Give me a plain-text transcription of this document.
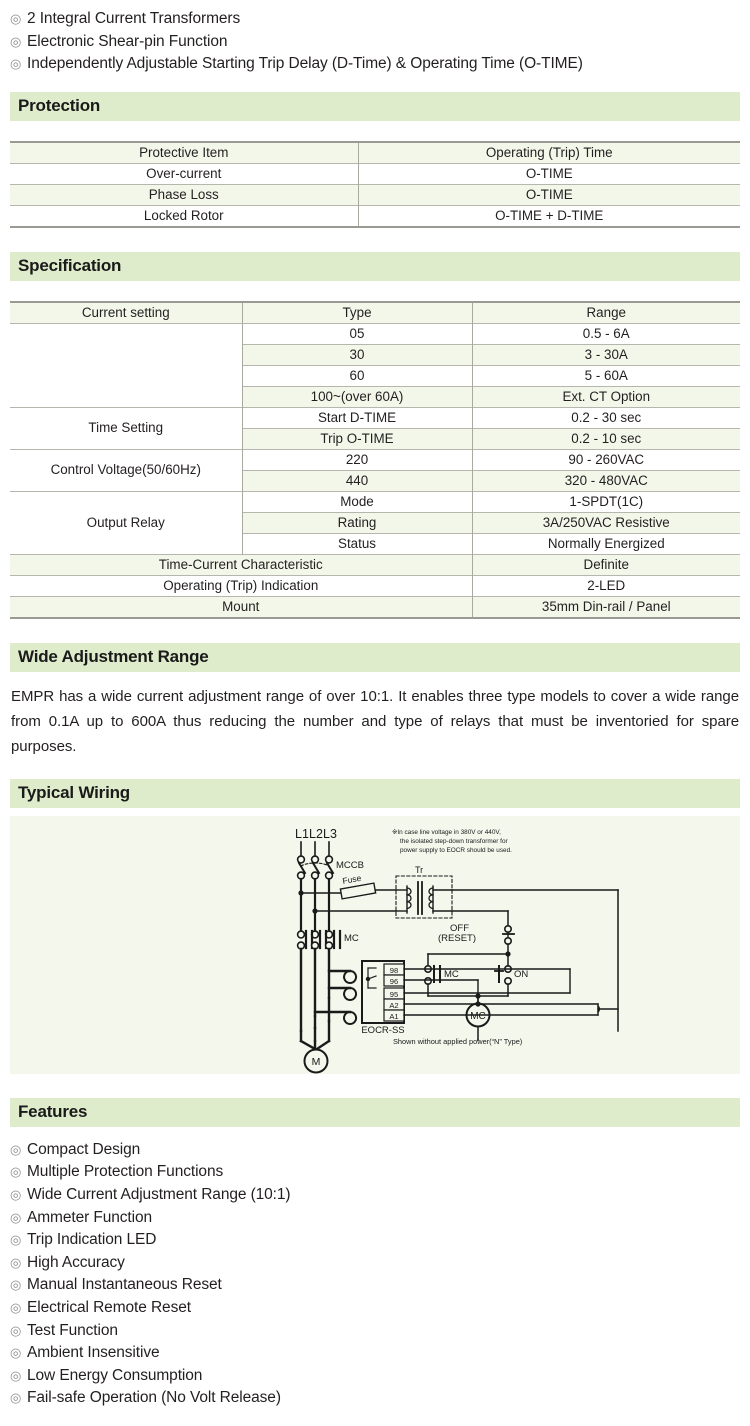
◎ 2 Integral Current Transformers
◎ Electronic Shear-pin Function
◎ Independently Adjustable Starting Trip Delay (D-Time) & Operating Time (O-TIME)
Protection
Protective Item	Operating (Trip) Time
Over-current	O-TIME
Phase Loss	O-TIME
Locked Rotor	O-TIME + D-TIME
Specification
Current setting	Type	Range
	05	0.5 - 6A
	30	3 - 30A
	60	5 - 60A
	100~(over 60A)	Ext. CT Option
Time Setting	Start D-TIME	0.2 - 30 sec
	Trip O-TIME	0.2 - 10 sec
Control Voltage(50/60Hz)	220	90 - 260VAC
	440	320 - 480VAC
Output Relay	Mode	1-SPDT(1C)
	Rating	3A/250VAC Resistive
	Status	Normally Energized
Time-Current Characteristic		Definite
Operating (Trip) Indication		2-LED
Mount		35mm Din-rail / Panel
Wide Adjustment Range

EMPR has a wide current adjustment range of over 10:1. It enables three type models to cover a wide range from 0.1A up to 600A thus reducing the number and type of relays that must be inventoried for spare purposes.

Typical Wiring
L1 L2 L3
MCCB
Fuse
Tr
OFF
(RESET)
MC	ON
MC
MC
98
96
95
A2
A1
EOCR-SS
M
※In case line voltage in 380V or 440V,
the isolated step-down transformer for
power supply to EOCR should be used.
Shown without applied power(“N” Type)
Features
◎ Compact Design
◎ Multiple Protection Functions
◎ Wide Current Adjustment Range (10:1)
◎ Ammeter Function
◎ Trip Indication LED
◎ High Accuracy
◎ Manual Instantaneous Reset
◎ Electrical Remote Reset
◎ Test Function
◎ Ambient Insensitive
◎ Low Energy Consumption
◎ Fail-safe Operation (No Volt Release)
